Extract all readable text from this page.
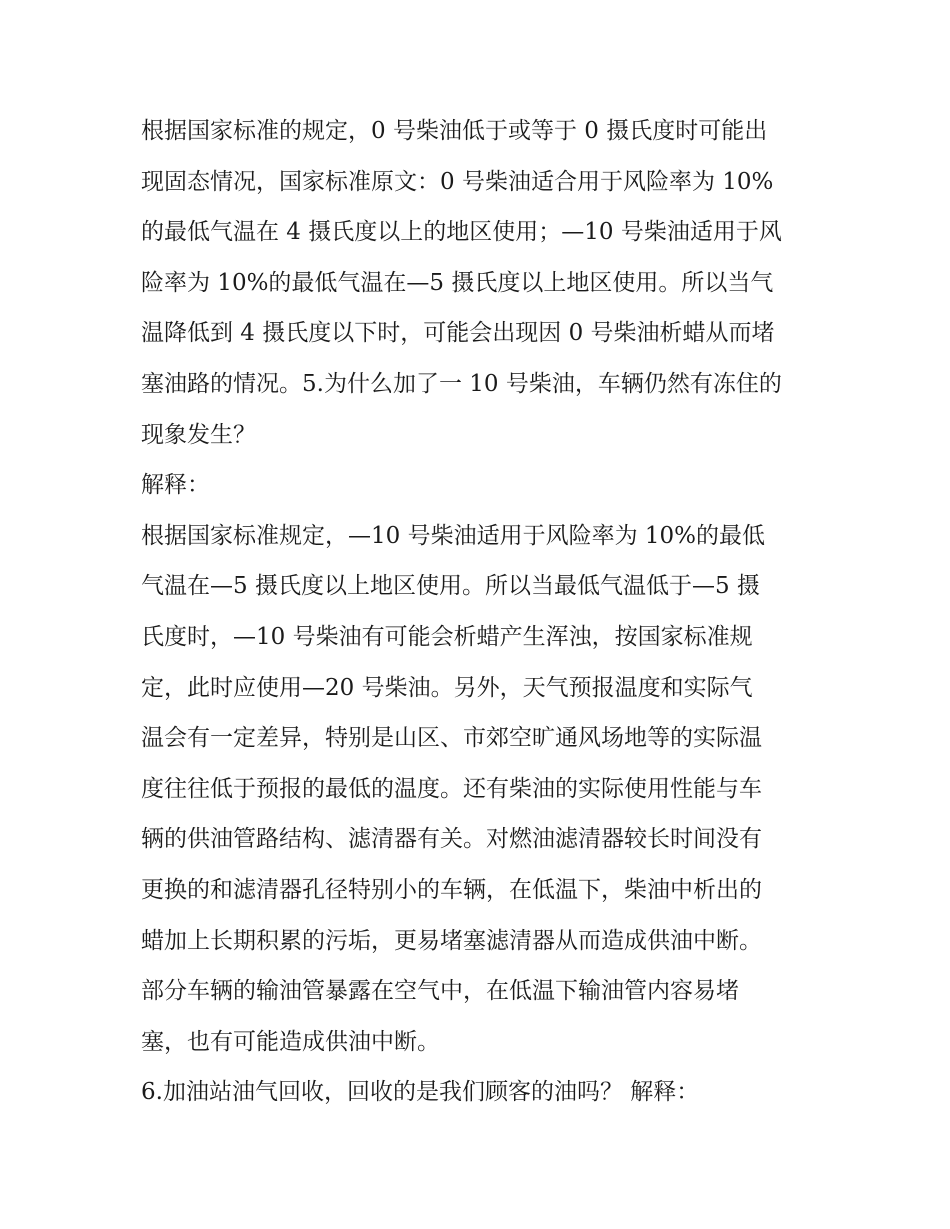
根据国家标准的规定，0 号柴油低于或等于 0 摄氏度时可能出

现固态情况，国家标准原文：0 号柴油适合用于风险率为 10%

的最低气温在 4 摄氏度以上的地区使用；—10 号柴油适用于风

险率为 10%的最低气温在—5 摄氏度以上地区使用。所以当气

温降低到 4 摄氏度以下时，可能会出现因 0 号柴油析蜡从而堵

塞油路的情况。5.为什么加了一 10 号柴油，车辆仍然有冻住的

现象发生？

解释：

根据国家标准规定，—10 号柴油适用于风险率为 10%的最低

气温在—5 摄氏度以上地区使用。所以当最低气温低于—5 摄

氏度时，—10 号柴油有可能会析蜡产生浑浊，按国家标准规

定，此时应使用—20 号柴油。另外，天气预报温度和实际气

温会有一定差异，特别是山区、市郊空旷通风场地等的实际温

度往往低于预报的最低的温度。还有柴油的实际使用性能与车

辆的供油管路结构、滤清器有关。对燃油滤清器较长时间没有

更换的和滤清器孔径特别小的车辆，在低温下，柴油中析出的

蜡加上长期积累的污垢，更易堵塞滤清器从而造成供油中断。

部分车辆的输油管暴露在空气中，在低温下输油管内容易堵

塞，也有可能造成供油中断。

6.加油站油气回收，回收的是我们顾客的油吗？ 解释：
